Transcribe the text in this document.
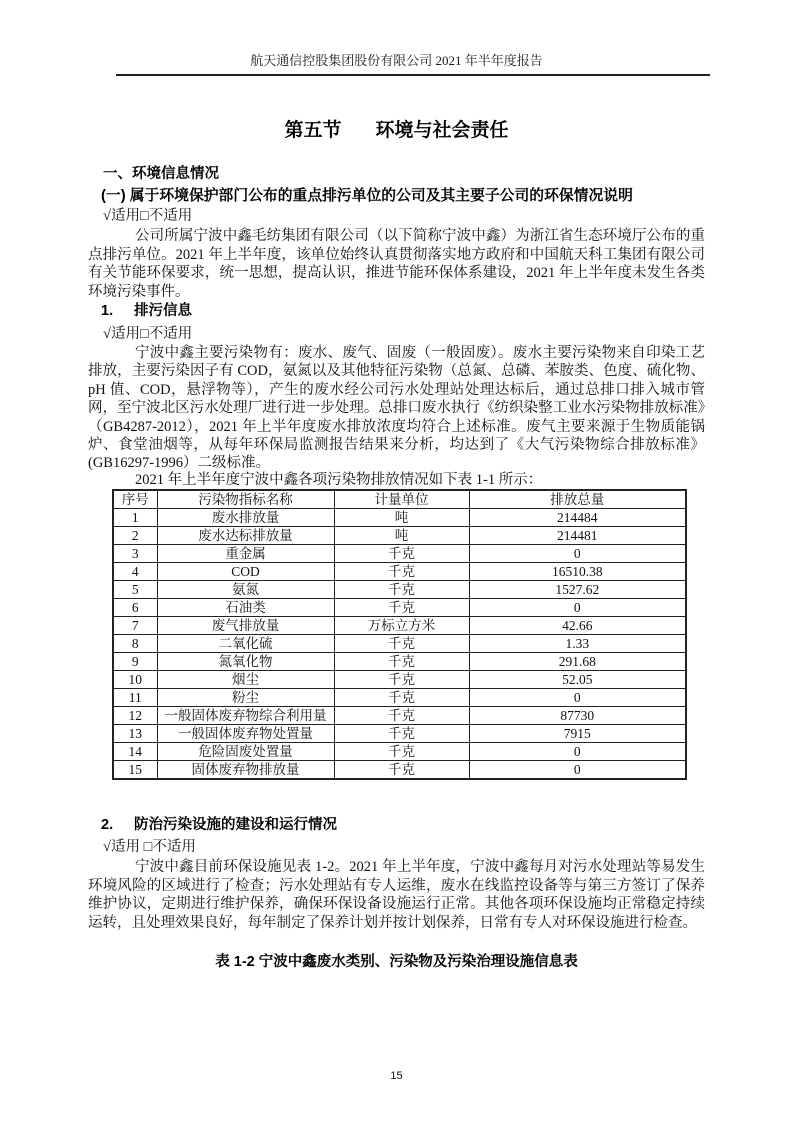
航天通信控股集团股份有限公司 2021 年半年度报告
第五节 环境与社会责任
一、环境信息情况
(一) 属于环境保护部门公布的重点排污单位的公司及其主要子公司的环保情况说明
√适用□不适用

公司所属宁波中鑫毛纺集团有限公司（以下简称宁波中鑫）为浙江省生态环境厅公布的重点排污单位。2021 年上半年度，该单位始终认真贯彻落实地方政府和中国航天科工集团有限公司有关节能环保要求，统一思想，提高认识，推进节能环保体系建设，2021 年上半年度未发生各类环境污染事件。

1. 排污信息
√适用□不适用

宁波中鑫主要污染物有：废水、废气、固废（一般固废）。废水主要污染物来自印染工艺排放，主要污染因子有 COD，氨氮以及其他特征污染物（总氮、总磷、苯胺类、色度、硫化物、pH 值、COD，悬浮物等），产生的废水经公司污水处理站处理达标后，通过总排口排入城市管网，至宁波北区污水处理厂进行进一步处理。总排口废水执行《纺织染整工业水污染物排放标准》（GB4287-2012），2021 年上半年度废水排放浓度均符合上述标准。废气主要来源于生物质能锅炉、食堂油烟等，从每年环保局监测报告结果来分析，均达到了《大气污染物综合排放标准》(GB16297-1996）二级标准。

2021 年上半年度宁波中鑫各项污染物排放情况如下表 1-1 所示：
序号	污染物指标名称	计量单位	排放总量
1	废水排放量	吨	214484
2	废水达标排放量	吨	214481
3	重金属	千克	0
4	COD	千克	16510.38
5	氨氮	千克	1527.62
6	石油类	千克	0
7	废气排放量	万标立方米	42.66
8	二氧化硫	千克	1.33
9	氮氧化物	千克	291.68
10	烟尘	千克	52.05
11	粉尘	千克	0
12	一般固体废弃物综合利用量	千克	87730
13	一般固体废弃物处置量	千克	7915
14	危险固废处置量	千克	0
15	固体废弃物排放量	千克	0
2. 防治污染设施的建设和运行情况
√适用 □不适用

宁波中鑫目前环保设施见表 1-2。2021 年上半年度，宁波中鑫每月对污水处理站等易发生环境风险的区域进行了检查；污水处理站有专人运维，废水在线监控设备等与第三方签订了保养维护协议，定期进行维护保养，确保环保设备设施运行正常。其他各项环保设施均正常稳定持续运转，且处理效果良好，每年制定了保养计划并按计划保养，日常有专人对环保设施进行检查。

表 1-2 宁波中鑫废水类别、污染物及污染治理设施信息表
15
